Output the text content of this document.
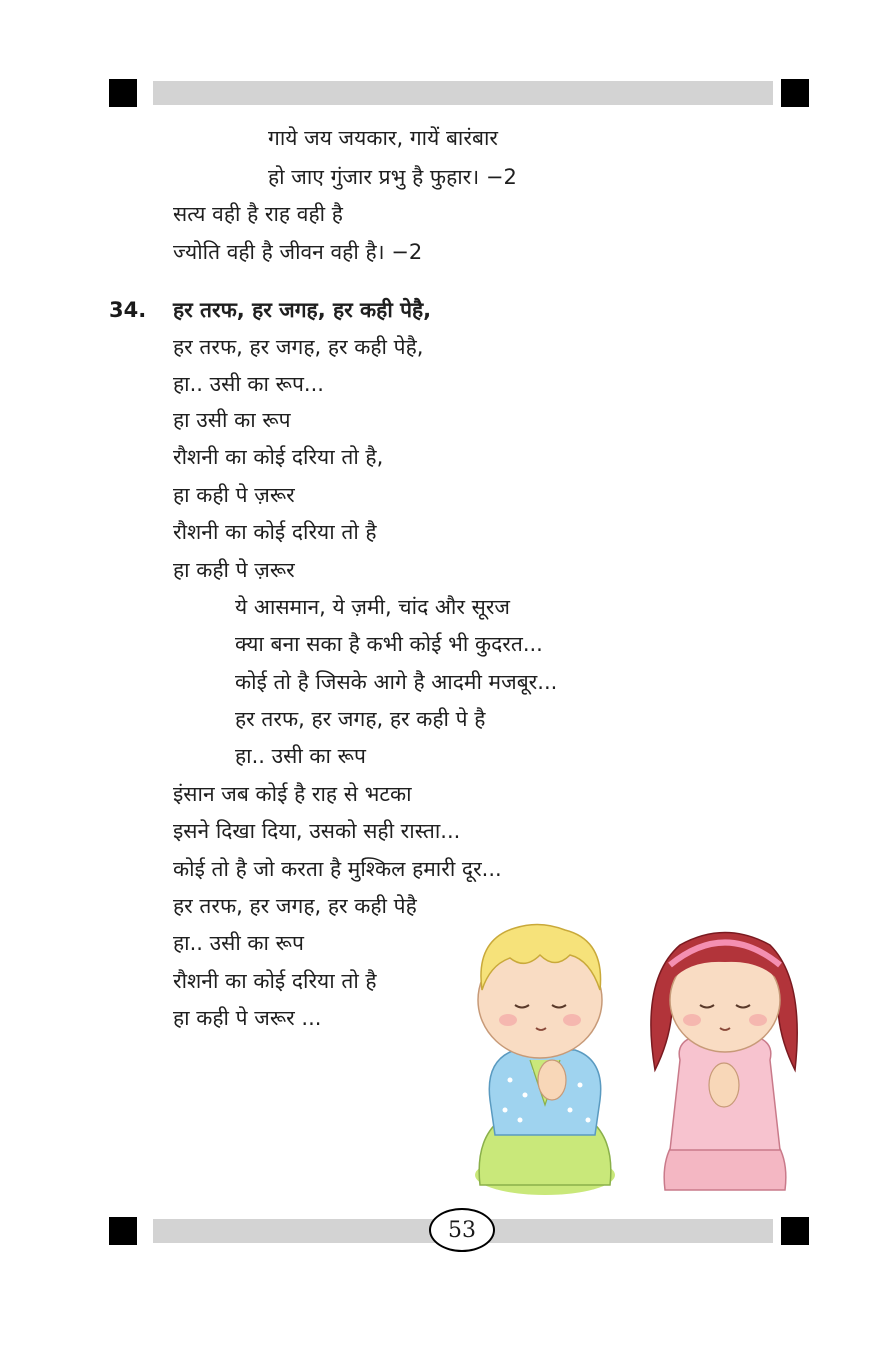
गाये जय जयकार, गायें बारंबार
हो जाए गुंजार प्रभु है फुहार। −2
सत्य वही है राह वही है
ज्योति वही है जीवन वही है। −2
34. हर तरफ, हर जगह, हर कही पेहै,
हर तरफ, हर जगह, हर कही पेहै,
हा.. उसी का रूप...
हा उसी का रूप
रौशनी का कोई दरिया तो है,
हा कही पे ज़रूर
रौशनी का कोई दरिया तो है
हा कही पे ज़रूर
ये आसमान, ये ज़मी, चांद और सूरज
क्या बना सका है कभी कोई भी कुदरत...
कोई तो है जिसके आगे है आदमी मजबूर...
हर तरफ, हर जगह, हर कही पे है
हा.. उसी का रूप
इंसान जब कोई है राह से भटका
इसने दिखा दिया, उसको सही रास्ता...
कोई तो है जो करता है मुश्किल हमारी दूर...
हर तरफ, हर जगह, हर कही पेहै
हा.. उसी का रूप
रौशनी का कोई दरिया तो है
हा कही पे जरूर ...
53
